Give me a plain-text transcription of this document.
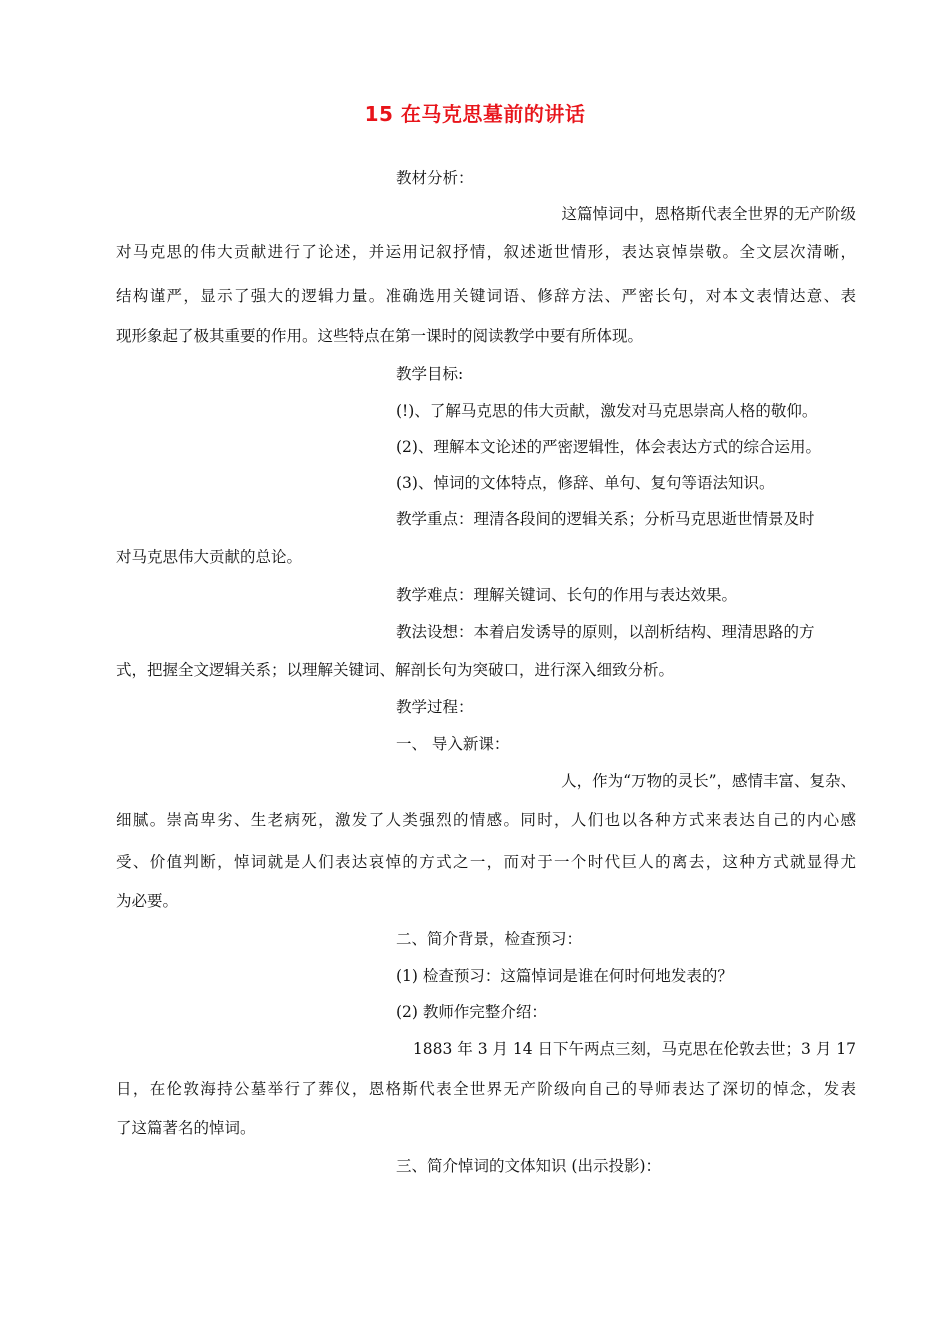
15 在马克思墓前的讲话
教材分析：
这篇悼词中，恩格斯代表全世界的无产阶级
对马克思的伟大贡献进行了论述，并运用记叙抒情，叙述逝世情形，表达哀悼崇敬。全文层次清晰，
结构谨严，显示了强大的逻辑力量。准确选用关键词语、修辞方法、严密长句，对本文表情达意、表
现形象起了极其重要的作用。这些特点在第一课时的阅读教学中要有所体现。
教学目标:
(!)、了解马克思的伟大贡献，激发对马克思崇高人格的敬仰。
(2)、理解本文论述的严密逻辑性，体会表达方式的综合运用。
(3)、悼词的文体特点，修辞、单句、复句等语法知识。
教学重点：理清各段间的逻辑关系；分析马克思逝世情景及时
对马克思伟大贡献的总论。
教学难点：理解关键词、长句的作用与表达效果。
教法设想：本着启发诱导的原则，以剖析结构、理清思路的方
式，把握全文逻辑关系；以理解关键词、解剖长句为突破口，进行深入细致分析。
教学过程：
一、 导入新课：
人，作为“万物的灵长”，感情丰富、复杂、
细腻。崇高卑劣、生老病死，激发了人类强烈的情感。同时，人们也以各种方式来表达自己的内心感
受、价值判断，悼词就是人们表达哀悼的方式之一，而对于一个时代巨人的离去，这种方式就显得尤
为必要。
二、简介背景，检查预习：
(1) 检查预习：这篇悼词是谁在何时何地发表的？
(2) 教师作完整介绍：
1883 年 3 月 14 日下午两点三刻，马克思在伦敦去世；3 月 17
日，在伦敦海持公墓举行了葬仪，恩格斯代表全世界无产阶级向自己的导师表达了深切的悼念，发表
了这篇著名的悼词。
三、简介悼词的文体知识 (出示投影)：
